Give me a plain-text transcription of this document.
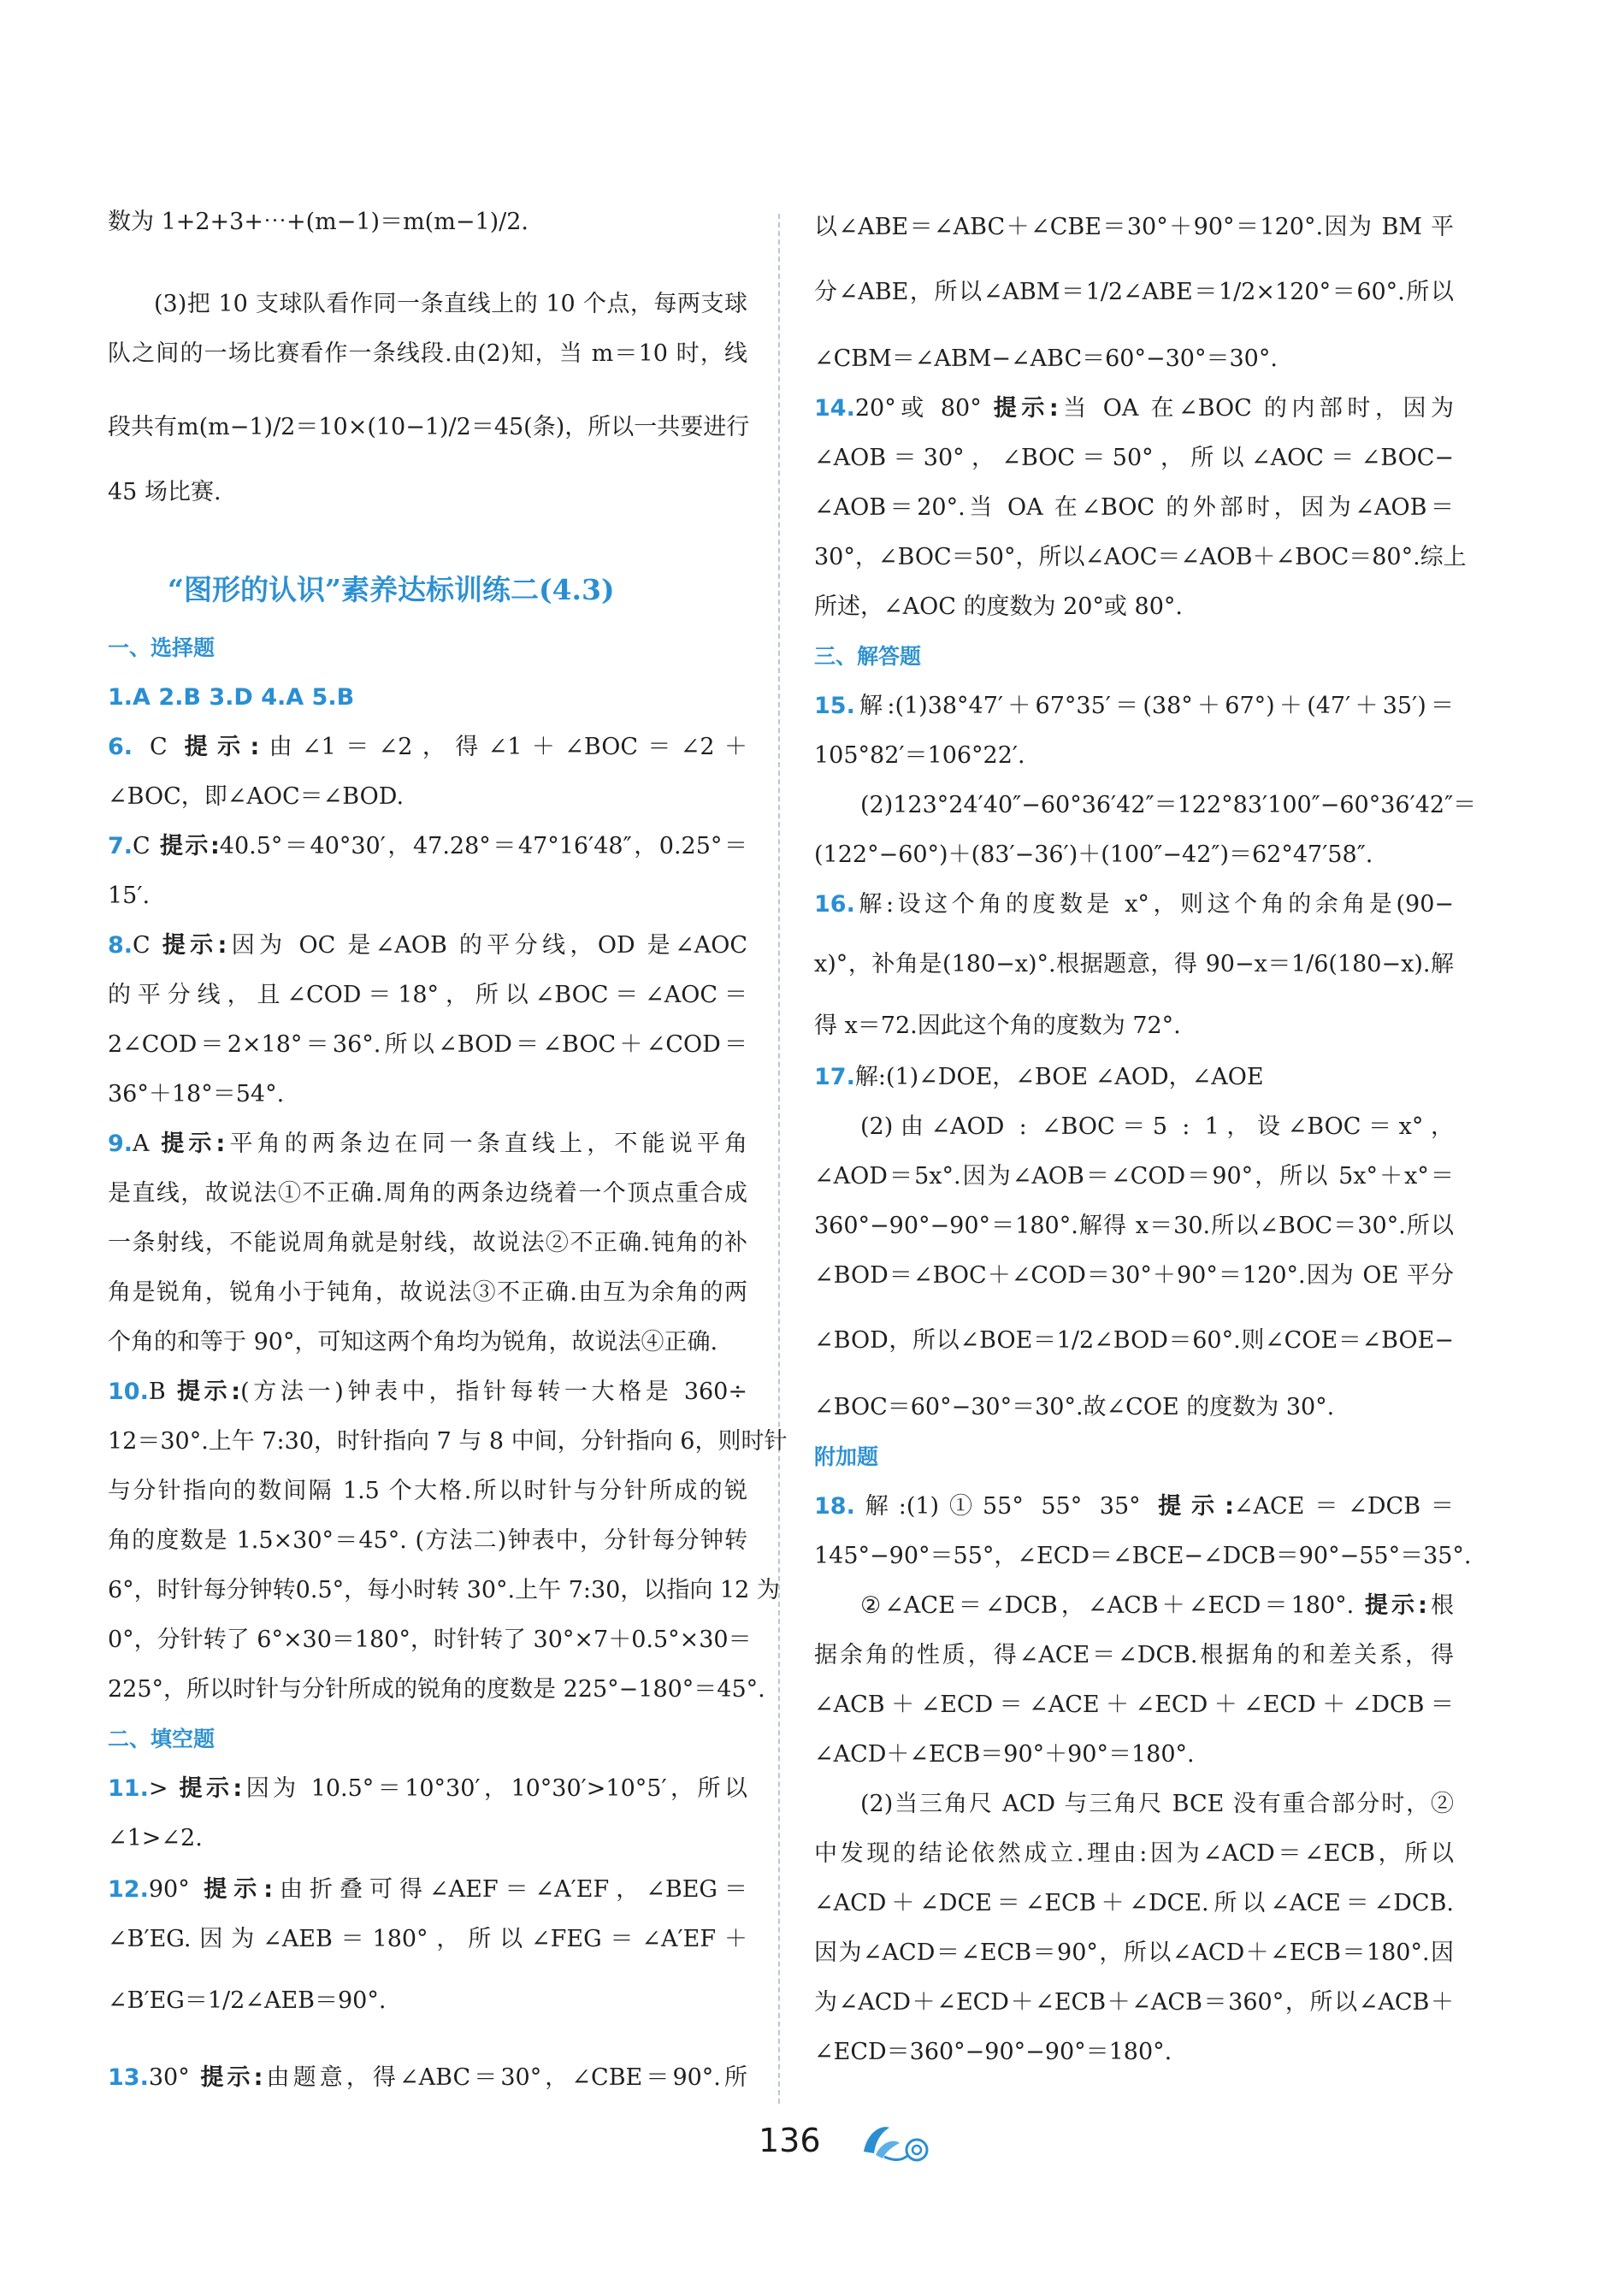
数为 1+2+3+⋯+(m−1)＝m(m−1)/2.
(3)把 10 支球队看作同一条直线上的 10 个点，每两支球
队之间的一场比赛看作一条线段.由(2)知，当 m＝10 时，线
段共有m(m−1)/2＝10×(10−1)/2＝45(条)，所以一共要进行
45 场比赛.
“图形的认识”素养达标训练二(4.3)
一、选择题
1.A 2.B 3.D 4.A 5.B
6. C 提示:由∠1＝∠2，得∠1＋∠BOC＝∠2＋
∠BOC，即∠AOC＝∠BOD.
7.C 提示:40.5°＝40°30′，47.28°＝47°16′48″，0.25°＝
15′.
8.C 提示:因为 OC 是∠AOB 的平分线，OD 是∠AOC
的平分线，且∠COD＝18°，所以∠BOC＝∠AOC＝
2∠COD＝2×18°＝36°.所以∠BOD＝∠BOC＋∠COD＝
36°＋18°＝54°.
9.A 提示:平角的两条边在同一条直线上，不能说平角
是直线，故说法①不正确.周角的两条边绕着一个顶点重合成
一条射线，不能说周角就是射线，故说法②不正确.钝角的补
角是锐角，锐角小于钝角，故说法③不正确.由互为余角的两
个角的和等于 90°，可知这两个角均为锐角，故说法④正确.
10.B 提示:(方法一)钟表中，指针每转一大格是 360÷
12＝30°.上午 7:30，时针指向 7 与 8 中间，分针指向 6，则时针
与分针指向的数间隔 1.5 个大格.所以时针与分针所成的锐
角的度数是 1.5×30°＝45°. (方法二)钟表中，分针每分钟转
6°，时针每分钟转0.5°，每小时转 30°.上午 7:30，以指向 12 为
0°，分针转了 6°×30＝180°，时针转了 30°×7＋0.5°×30＝
225°，所以时针与分针所成的锐角的度数是 225°−180°＝45°.
二、填空题
11.> 提示:因为 10.5°＝10°30′，10°30′>10°5′，所以
∠1>∠2.
12.90° 提示:由折叠可得∠AEF＝∠A′EF，∠BEG＝
∠B′EG.因为∠AEB＝180°，所以∠FEG＝∠A′EF＋
∠B′EG＝1/2∠AEB＝90°.
13.30° 提示:由题意，得∠ABC＝30°，∠CBE＝90°.所
以∠ABE＝∠ABC＋∠CBE＝30°＋90°＝120°.因为 BM 平
分∠ABE，所以∠ABM＝1/2∠ABE＝1/2×120°＝60°.所以
∠CBM＝∠ABM−∠ABC＝60°−30°＝30°.
14.20°或 80° 提示:当 OA 在∠BOC 的内部时，因为
∠AOB＝30°，∠BOC＝50°，所以∠AOC＝∠BOC−
∠AOB＝20°.当 OA 在∠BOC 的外部时，因为∠AOB＝
30°，∠BOC＝50°，所以∠AOC＝∠AOB＋∠BOC＝80°.综上
所述，∠AOC 的度数为 20°或 80°.
三、解答题
15.解:(1)38°47′＋67°35′＝(38°＋67°)＋(47′＋35′)＝
105°82′＝106°22′.
(2)123°24′40″−60°36′42″＝122°83′100″−60°36′42″＝
(122°−60°)＋(83′−36′)＋(100″−42″)＝62°47′58″.
16.解:设这个角的度数是 x°，则这个角的余角是(90−
x)°，补角是(180−x)°.根据题意，得 90−x＝1/6(180−x).解
得 x＝72.因此这个角的度数为 72°.
17.解:(1)∠DOE，∠BOE ∠AOD，∠AOE
(2)由∠AOD : ∠BOC＝5 : 1，设∠BOC＝x°，
∠AOD＝5x°.因为∠AOB＝∠COD＝90°，所以 5x°＋x°＝
360°−90°−90°＝180°.解得 x＝30.所以∠BOC＝30°.所以
∠BOD＝∠BOC＋∠COD＝30°＋90°＝120°.因为 OE 平分
∠BOD，所以∠BOE＝1/2∠BOD＝60°.则∠COE＝∠BOE−
∠BOC＝60°−30°＝30°.故∠COE 的度数为 30°.
附加题
18.解:(1)①55° 55° 35° 提示:∠ACE＝∠DCB＝
145°−90°＝55°，∠ECD＝∠BCE−∠DCB＝90°−55°＝35°.
②∠ACE＝∠DCB，∠ACB＋∠ECD＝180°. 提示:根
据余角的性质，得∠ACE＝∠DCB.根据角的和差关系，得
∠ACB＋∠ECD＝∠ACE＋∠ECD＋∠ECD＋∠DCB＝
∠ACD＋∠ECB＝90°＋90°＝180°.
(2)当三角尺 ACD 与三角尺 BCE 没有重合部分时，②
中发现的结论依然成立.理由:因为∠ACD＝∠ECB，所以
∠ACD＋∠DCE＝∠ECB＋∠DCE.所以∠ACE＝∠DCB.
因为∠ACD＝∠ECB＝90°，所以∠ACD＋∠ECB＝180°.因
为∠ACD＋∠ECD＋∠ECB＋∠ACB＝360°，所以∠ACB＋
∠ECD＝360°−90°−90°＝180°.
136
